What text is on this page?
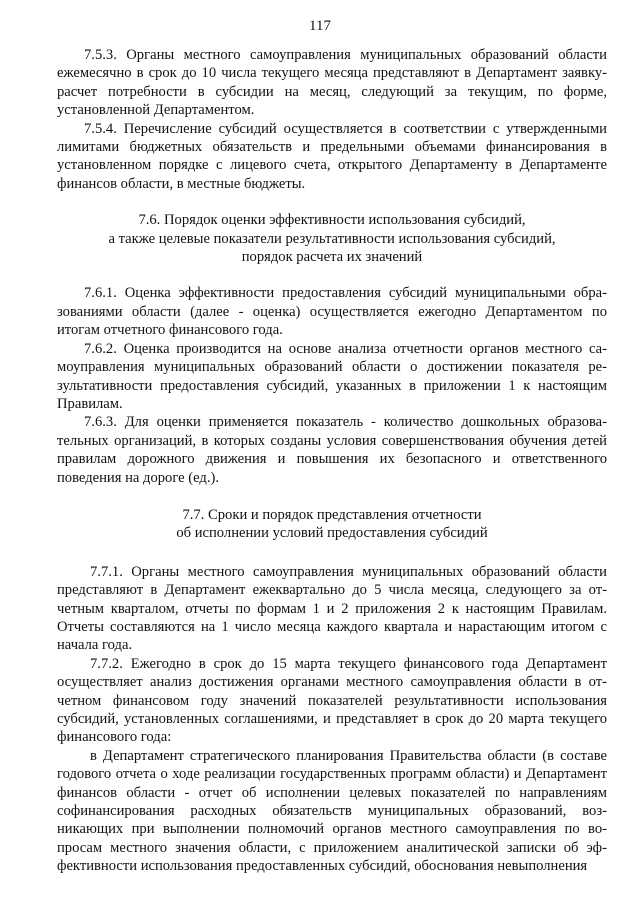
117

7.5.3. Органы местного самоуправления муниципальных образований области ежемесячно в срок до 10 числа текущего месяца представляют в Департамент заявку-расчет потребности в субсидии на месяц, следующий за текущим, по форме, установленной Департаментом.

7.5.4. Перечисление субсидий осуществляется в соответствии с утвержденными лимитами бюджетных обязательств и предельными объемами финансирования в установленном порядке с лицевого счета, открытого Департаменту в Департаменте финансов области, в местные бюджеты.

7.6. Порядок оценки эффективности использования субсидий,
а также целевые показатели результативности использования субсидий,
порядок расчета их значений

7.6.1. Оценка эффективности предоставления субсидий муниципальными образованиями области (далее - оценка) осуществляется ежегодно Департаментом по итогам отчетного финансового года.

7.6.2. Оценка производится на основе анализа отчетности органов местного самоуправления муниципальных образований области о достижении показателя результативности предоставления субсидий, указанных в приложении 1 к настоящим Правилам.

7.6.3. Для оценки применяется показатель - количество дошкольных образовательных организаций, в которых созданы условия совершенствования обучения детей правилам дорожного движения и повышения их безопасного и ответственного поведения на дороге (ед.).

7.7. Сроки и порядок представления отчетности
об исполнении условий предоставления субсидий

7.7.1. Органы местного самоуправления муниципальных образований области представляют в Департамент ежеквартально до 5 числа месяца, следующего за отчетным кварталом, отчеты по формам 1 и 2 приложения 2 к настоящим Правилам. Отчеты составляются на 1 число месяца каждого квартала и нарастающим итогом с начала года.

7.7.2. Ежегодно в срок до 15 марта текущего финансового года Департамент осуществляет анализ достижения органами местного самоуправления области в отчетном финансовом году значений показателей результативности использования субсидий, установленных соглашениями, и представляет в срок до 20 марта текущего финансового года:

в Департамент стратегического планирования Правительства области (в составе годового отчета о ходе реализации государственных программ области) и Департамент финансов области - отчет об исполнении целевых показателей по направлениям софинансирования расходных обязательств муниципальных образований, возникающих при выполнении полномочий органов местного самоуправления по вопросам местного значения области, с приложением аналитической записки об эффективности использования предоставленных субсидий, обоснования невыполнения
